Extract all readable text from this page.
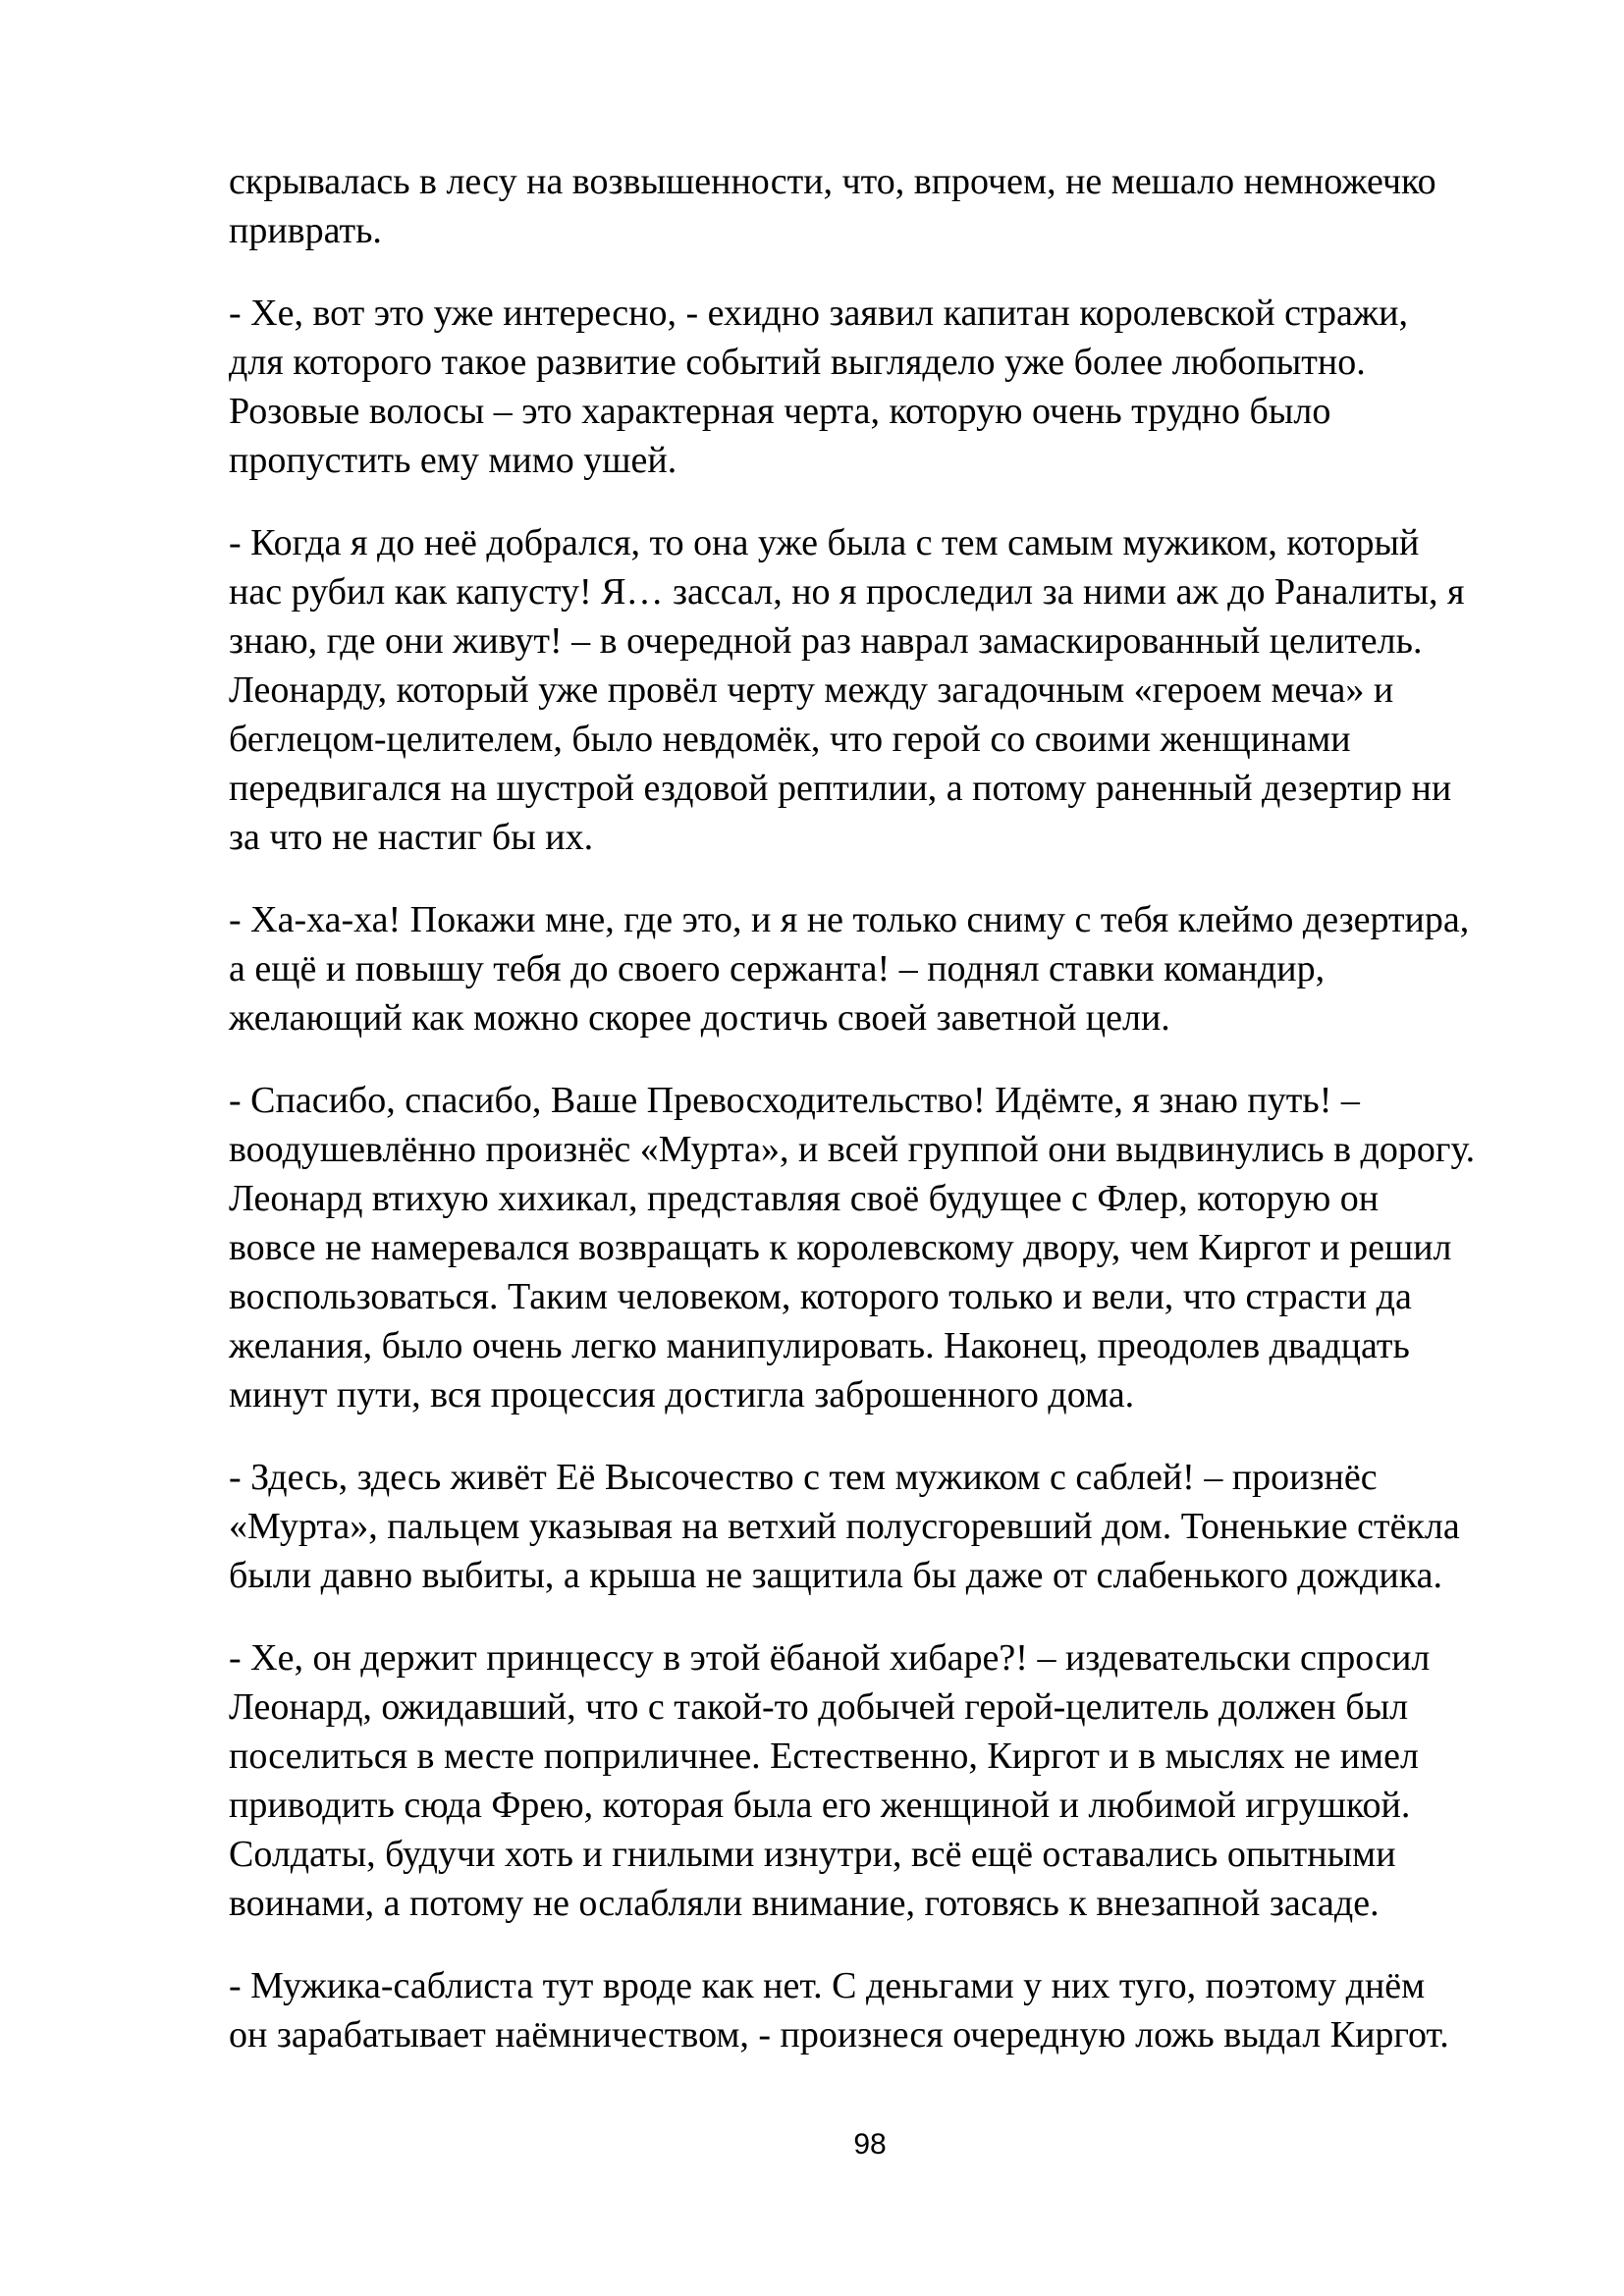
скрывалась в лесу на возвышенности, что, впрочем, не мешало немножечко
приврать.
- Хе, вот это уже интересно, - ехидно заявил капитан королевской стражи,
для которого такое развитие событий выглядело уже более любопытно.
Розовые волосы – это характерная черта, которую очень трудно было
пропустить ему мимо ушей.
- Когда я до неё добрался, то она уже была с тем самым мужиком, который
нас рубил как капусту! Я… зассал, но я проследил за ними аж до Раналиты, я
знаю, где они живут! – в очередной раз наврал замаскированный целитель.
Леонарду, который уже провёл черту между загадочным «героем меча» и
беглецом-целителем, было невдомёк, что герой со своими женщинами
передвигался на шустрой ездовой рептилии, а потому раненный дезертир ни
за что не настиг бы их.
- Ха-ха-ха! Покажи мне, где это, и я не только сниму с тебя клеймо дезертира,
а ещё и повышу тебя до своего сержанта! – поднял ставки командир,
желающий как можно скорее достичь своей заветной цели.
- Спасибо, спасибо, Ваше Превосходительство! Идёмте, я знаю путь! –
воодушевлённо произнёс «Мурта», и всей группой они выдвинулись в дорогу.
Леонард втихую хихикал, представляя своё будущее с Флер, которую он
вовсе не намеревался возвращать к королевскому двору, чем Киргот и решил
воспользоваться. Таким человеком, которого только и вели, что страсти да
желания, было очень легко манипулировать. Наконец, преодолев двадцать
минут пути, вся процессия достигла заброшенного дома.
- Здесь, здесь живёт Её Высочество с тем мужиком с саблей! – произнёс
«Мурта», пальцем указывая на ветхий полусгоревший дом. Тоненькие стёкла
были давно выбиты, а крыша не защитила бы даже от слабенького дождика.
- Хе, он держит принцессу в этой ёбаной хибаре?! – издевательски спросил
Леонард, ожидавший, что с такой-то добычей герой-целитель должен был
поселиться в месте поприличнее. Естественно, Киргот и в мыслях не имел
приводить сюда Фрею, которая была его женщиной и любимой игрушкой.
Солдаты, будучи хоть и гнилыми изнутри, всё ещё оставались опытными
воинами, а потому не ослабляли внимание, готовясь к внезапной засаде.
- Мужика-саблиста тут вроде как нет. С деньгами у них туго, поэтому днём
он зарабатывает наёмничеством, - произнеся очередную ложь выдал Киргот.
98
